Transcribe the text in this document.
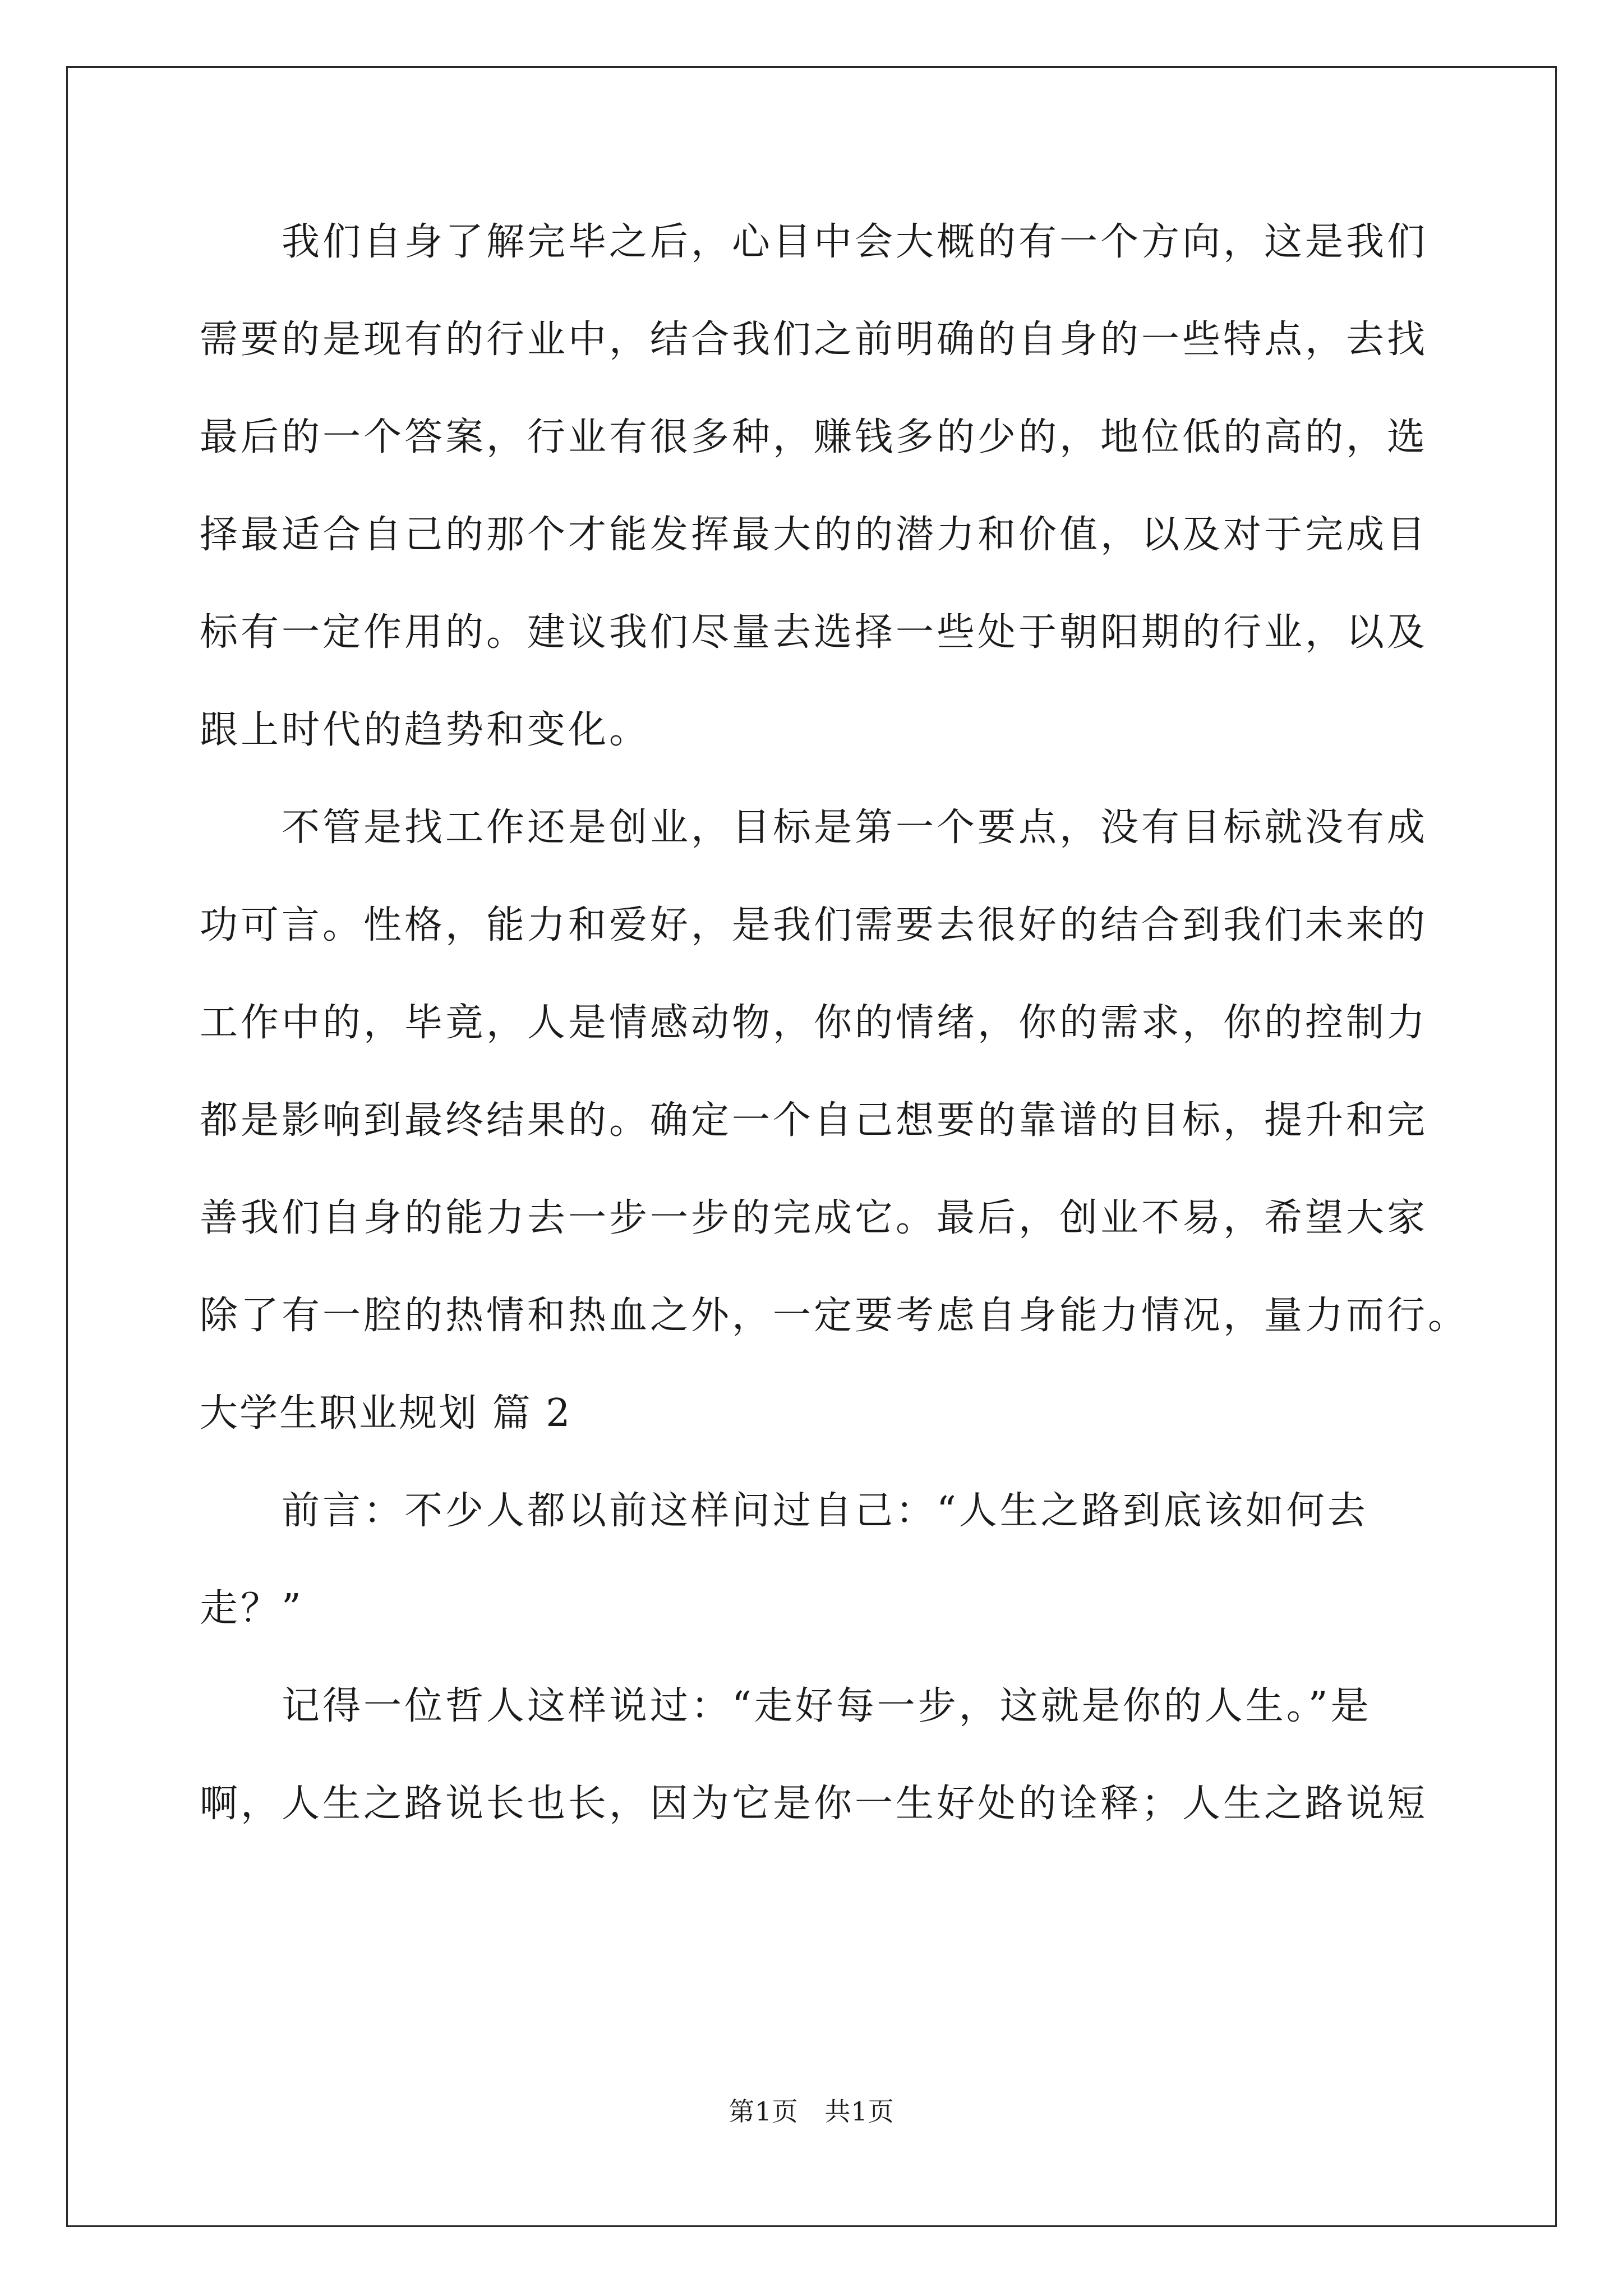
我们自身了解完毕之后，心目中会大概的有一个方向，这是我们
需要的是现有的行业中，结合我们之前明确的自身的一些特点，去找
最后的一个答案，行业有很多种，赚钱多的少的，地位低的高的，选
择最适合自己的那个才能发挥最大的的潜力和价值，以及对于完成目
标有一定作用的。建议我们尽量去选择一些处于朝阳期的行业，以及
跟上时代的趋势和变化。
不管是找工作还是创业，目标是第一个要点，没有目标就没有成
功可言。性格，能力和爱好，是我们需要去很好的结合到我们未来的
工作中的，毕竟，人是情感动物，你的情绪，你的需求，你的控制力
都是影响到最终结果的。确定一个自己想要的靠谱的目标，提升和完
善我们自身的能力去一步一步的完成它。最后，创业不易，希望大家
除了有一腔的热情和热血之外，一定要考虑自身能力情况，量力而行。
大学生职业规划 篇 2
前言：不少人都以前这样问过自己：“人生之路到底该如何去
走？”
记得一位哲人这样说过：“走好每一步，这就是你的人生。”是
啊，人生之路说长也长，因为它是你一生好处的诠释；人生之路说短
第1页   共1页
